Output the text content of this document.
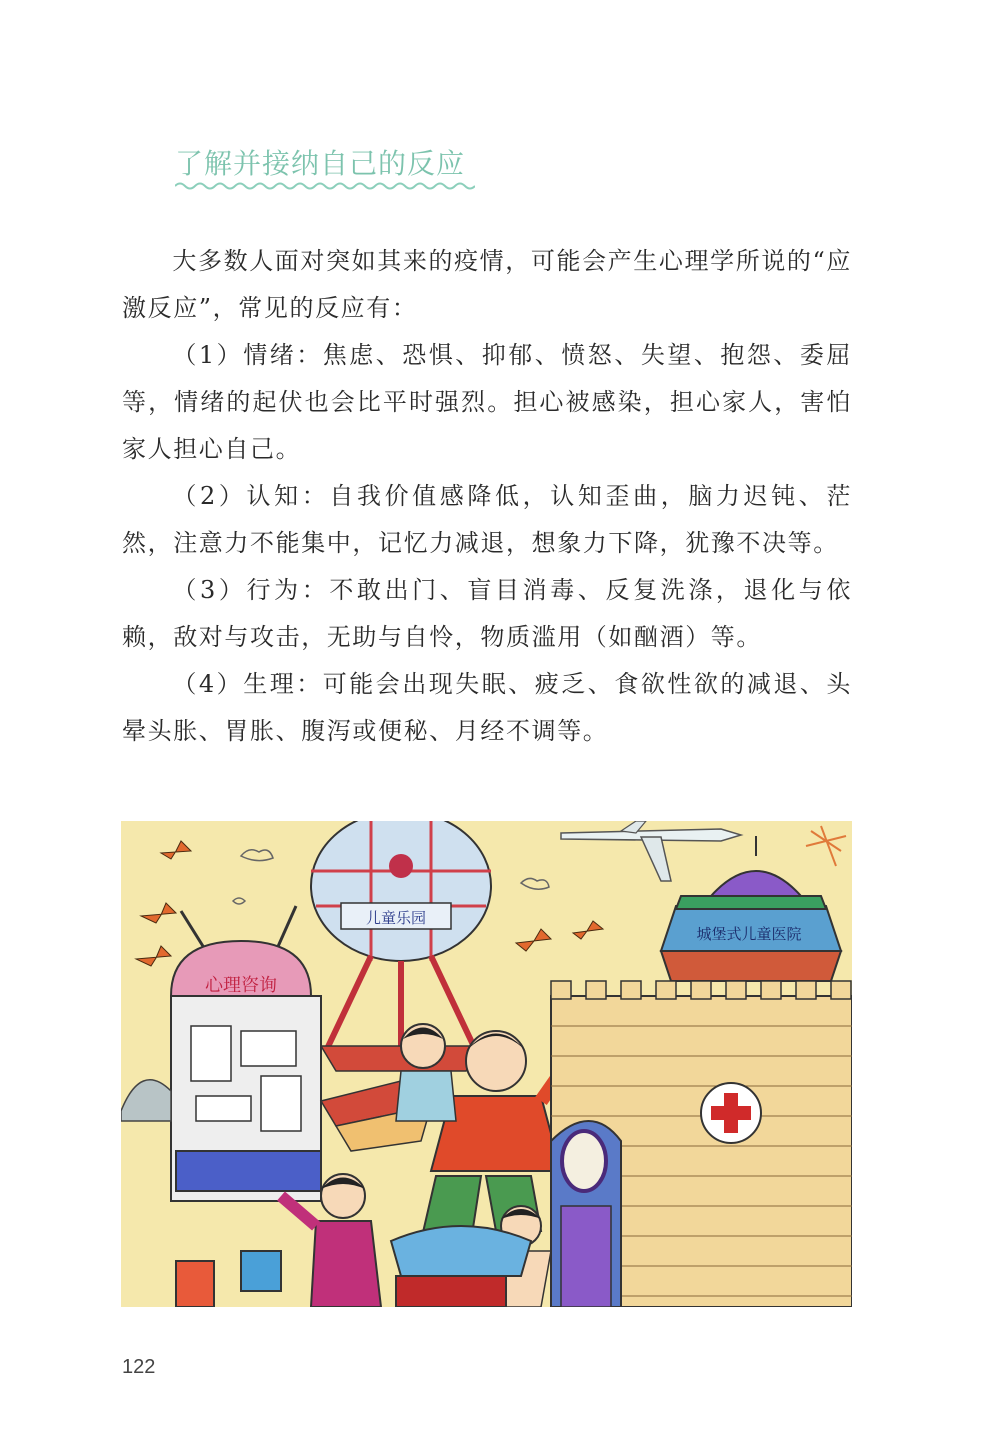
了解并接纳自己的反应

大多数人面对突如其来的疫情，可能会产生心理学所说的“应激反应”，常见的反应有：

（1）情绪：焦虑、恐惧、抑郁、愤怒、失望、抱怨、委屈等，情绪的起伏也会比平时强烈。担心被感染，担心家人，害怕家人担心自己。

（2）认知：自我价值感降低，认知歪曲，脑力迟钝、茫然，注意力不能集中，记忆力减退，想象力下降，犹豫不决等。

（3）行为：不敢出门、盲目消毒、反复洗涤，退化与依赖，敌对与攻击，无助与自怜，物质滥用（如酗酒）等。

（4）生理：可能会出现失眠、疲乏、食欲性欲的减退、头晕头胀、胃胀、腹泻或便秘、月经不调等。

儿童乐园
心理咨询
城堡式儿童医院
122
